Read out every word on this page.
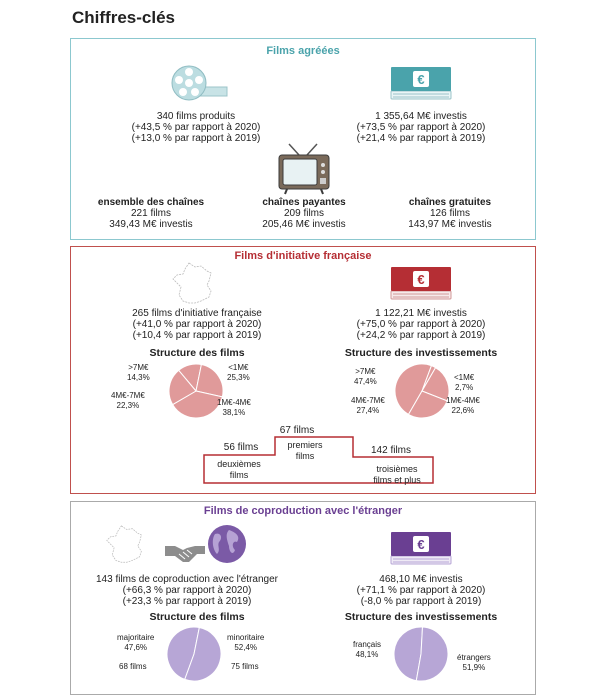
Chiffres-clés
Films agréées
€
340 films produits
(+43,5 % par rapport à 2020)
(+13,0 % par rapport à 2019)
1 355,64 M€ investis
(+73,5 % par rapport à 2020)
(+21,4 % par rapport à 2019)
ensemble des chaînes
221 films
349,43 M€ investis
chaînes payantes
209 films
205,46 M€ investis
chaînes gratuites
126 films
143,97 M€ investis
Films d'initiative française
€
265 films d'initiative française
(+41,0 % par rapport à 2020)
(+10,4 % par rapport à 2019)
1 122,21 M€ investis
(+75,0 % par rapport à 2020)
(+24,2 % par rapport à 2019)
Structure des films	Structure des investissements
>7M€
14,3%
<1M€
25,3%
4M€-7M€
22,3%	1M€-4M€
38,1%
>7M€
47,4%	<1M€
2,7%
4M€-7M€
27,4%
1M€-4M€
22,6%
67 films
premiers
films
56 films
deuxièmes
films
142 films
troisièmes
films et plus
Films de coproduction avec l'étranger
€
143 films de coproduction avec l'étranger
(+66,3 % par rapport à 2020)
(+23,3 % par rapport à 2019)
468,10 M€ investis
(+71,1 % par rapport à 2020)
(-8,0 % par rapport à 2019)
Structure des films	Structure des investissements
majoritaire
47,6%
minoritaire
52,4%
68 films	75 films
français
48,1%	étrangers
51,9%
